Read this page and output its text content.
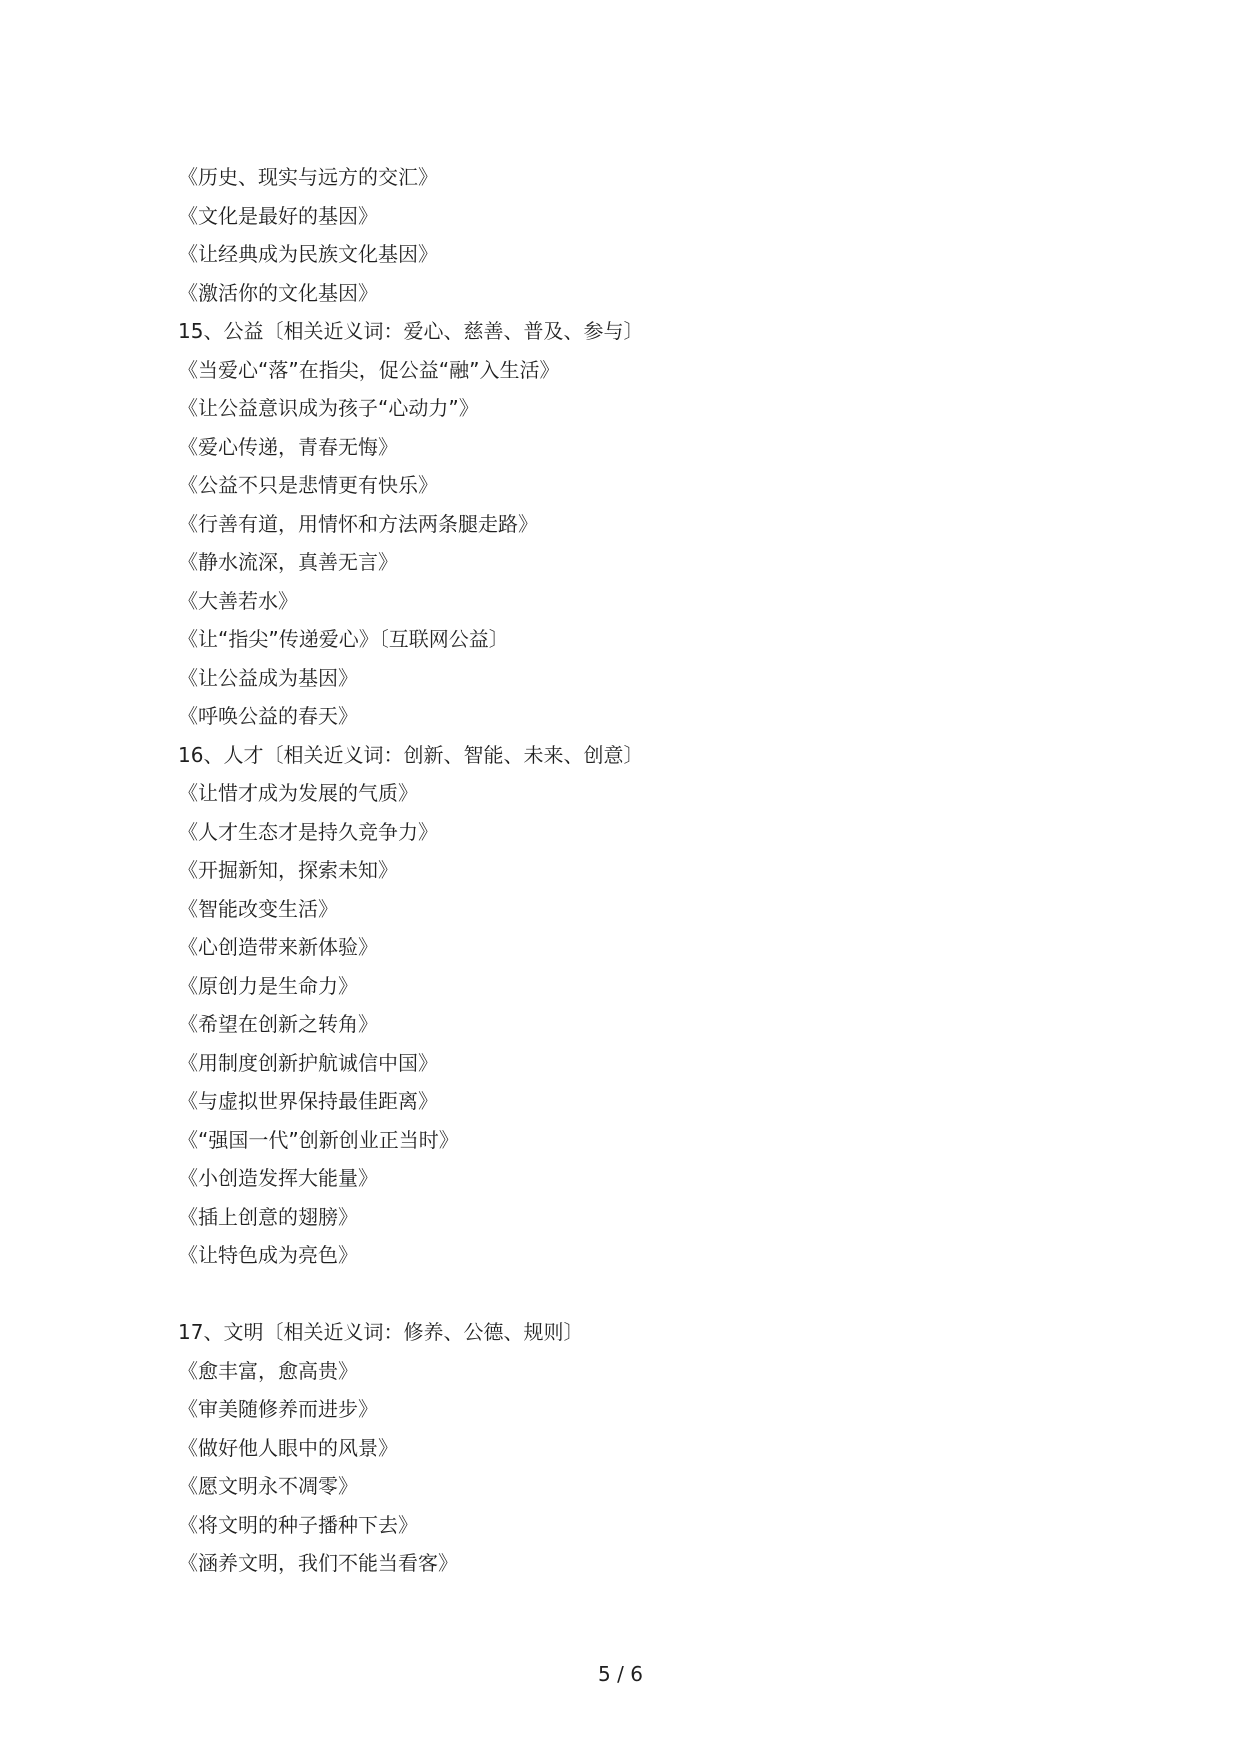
《历史、现实与远方的交汇》
《文化是最好的基因》
《让经典成为民族文化基因》
《激活你的文化基因》
15、公益〔相关近义词：爱心、慈善、普及、参与〕
《当爱心“落”在指尖，促公益“融”入生活》
《让公益意识成为孩子“心动力”》
《爱心传递，青春无悔》
《公益不只是悲情更有快乐》
《行善有道，用情怀和方法两条腿走路》
《静水流深，真善无言》
《大善若水》
《让“指尖”传递爱心》〔互联网公益〕
《让公益成为基因》
《呼唤公益的春天》
16、人才〔相关近义词：创新、智能、未来、创意〕
《让惜才成为发展的气质》
《人才生态才是持久竞争力》
《开掘新知，探索未知》
《智能改变生活》
《心创造带来新体验》
《原创力是生命力》
《希望在创新之转角》
《用制度创新护航诚信中国》
《与虚拟世界保持最佳距离》
《“强国一代”创新创业正当时》
《小创造发挥大能量》
《插上创意的翅膀》
《让特色成为亮色》
17、文明〔相关近义词：修养、公德、规则〕
《愈丰富，愈高贵》
《审美随修养而进步》
《做好他人眼中的风景》
《愿文明永不凋零》
《将文明的种子播种下去》
《涵养文明，我们不能当看客》
5 / 6
